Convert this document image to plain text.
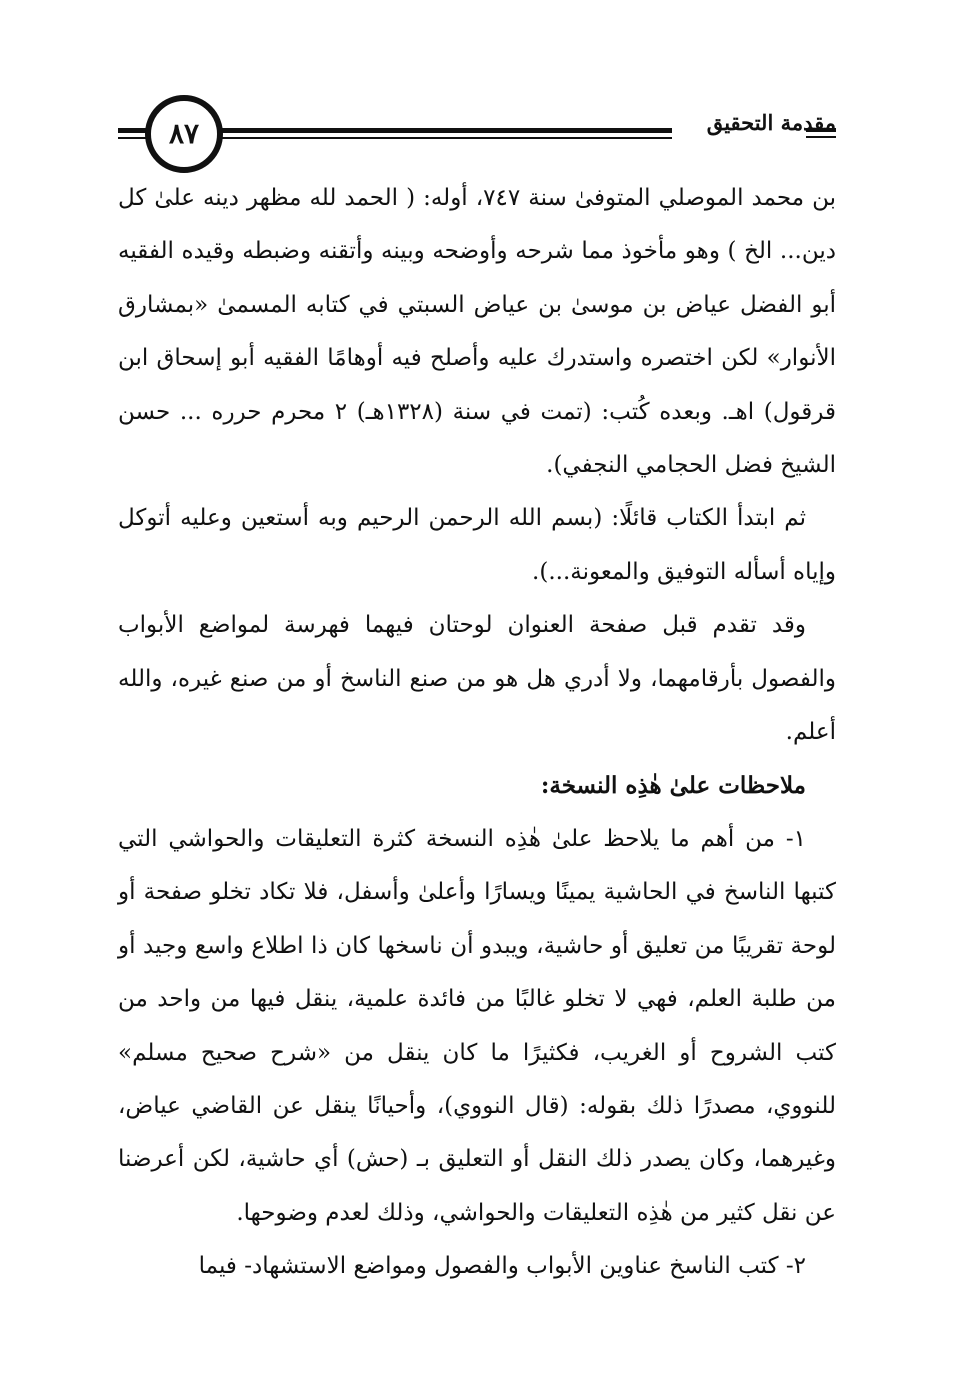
٨٧	مقدمة التحقيق

بن محمد الموصلي المتوفىٰ سنة ٧٤٧، أوله: ( الحمد لله مظهر دينه علىٰ كل دين... الخ ) وهو مأخوذ مما شرحه وأوضحه وبينه وأتقنه وضبطه وقيده الفقيه أبو الفضل عياض بن موسىٰ بن عياض السبتي في كتابه المسمىٰ «بمشارق الأنوار» لكن اختصره واستدرك عليه وأصلح فيه أوهامًا الفقيه أبو إسحاق ابن قرقول) اهـ. وبعده كُتب: (تمت في سنة (١٣٢٨هـ) ٢ محرم حرره ... حسن الشيخ فضل الحجامي النجفي).

ثم ابتدأ الكتاب قائلًا: (بسم الله الرحمن الرحيم وبه أستعين وعليه أتوكل وإياه أسأله التوفيق والمعونة...).

وقد تقدم قبل صفحة العنوان لوحتان فيهما فهرسة لمواضع الأبواب والفصول بأرقامهما، ولا أدري هل هو من صنع الناسخ أو من صنع غيره، والله أعلم.

ملاحظات علىٰ هٰذِه النسخة:

١- من أهم ما يلاحظ علىٰ هٰذِه النسخة كثرة التعليقات والحواشي التي كتبها الناسخ في الحاشية يمينًا ويسارًا وأعلىٰ وأسفل، فلا تكاد تخلو صفحة أو لوحة تقريبًا من تعليق أو حاشية، ويبدو أن ناسخها كان ذا اطلاع واسع وجيد أو من طلبة العلم، فهي لا تخلو غالبًا من فائدة علمية، ينقل فيها من واحد من كتب الشروح أو الغريب، فكثيرًا ما كان ينقل من «شرح صحيح مسلم» للنووي، مصدرًا ذلك بقوله: (قال النووي)، وأحيانًا ينقل عن القاضي عياض، وغيرهما، وكان يصدر ذلك النقل أو التعليق بـ (حش) أي حاشية، لكن أعرضنا عن نقل كثير من هٰذِه التعليقات والحواشي، وذلك لعدم وضوحها.

٢- كتب الناسخ عناوين الأبواب والفصول ومواضع الاستشهاد- فيما
